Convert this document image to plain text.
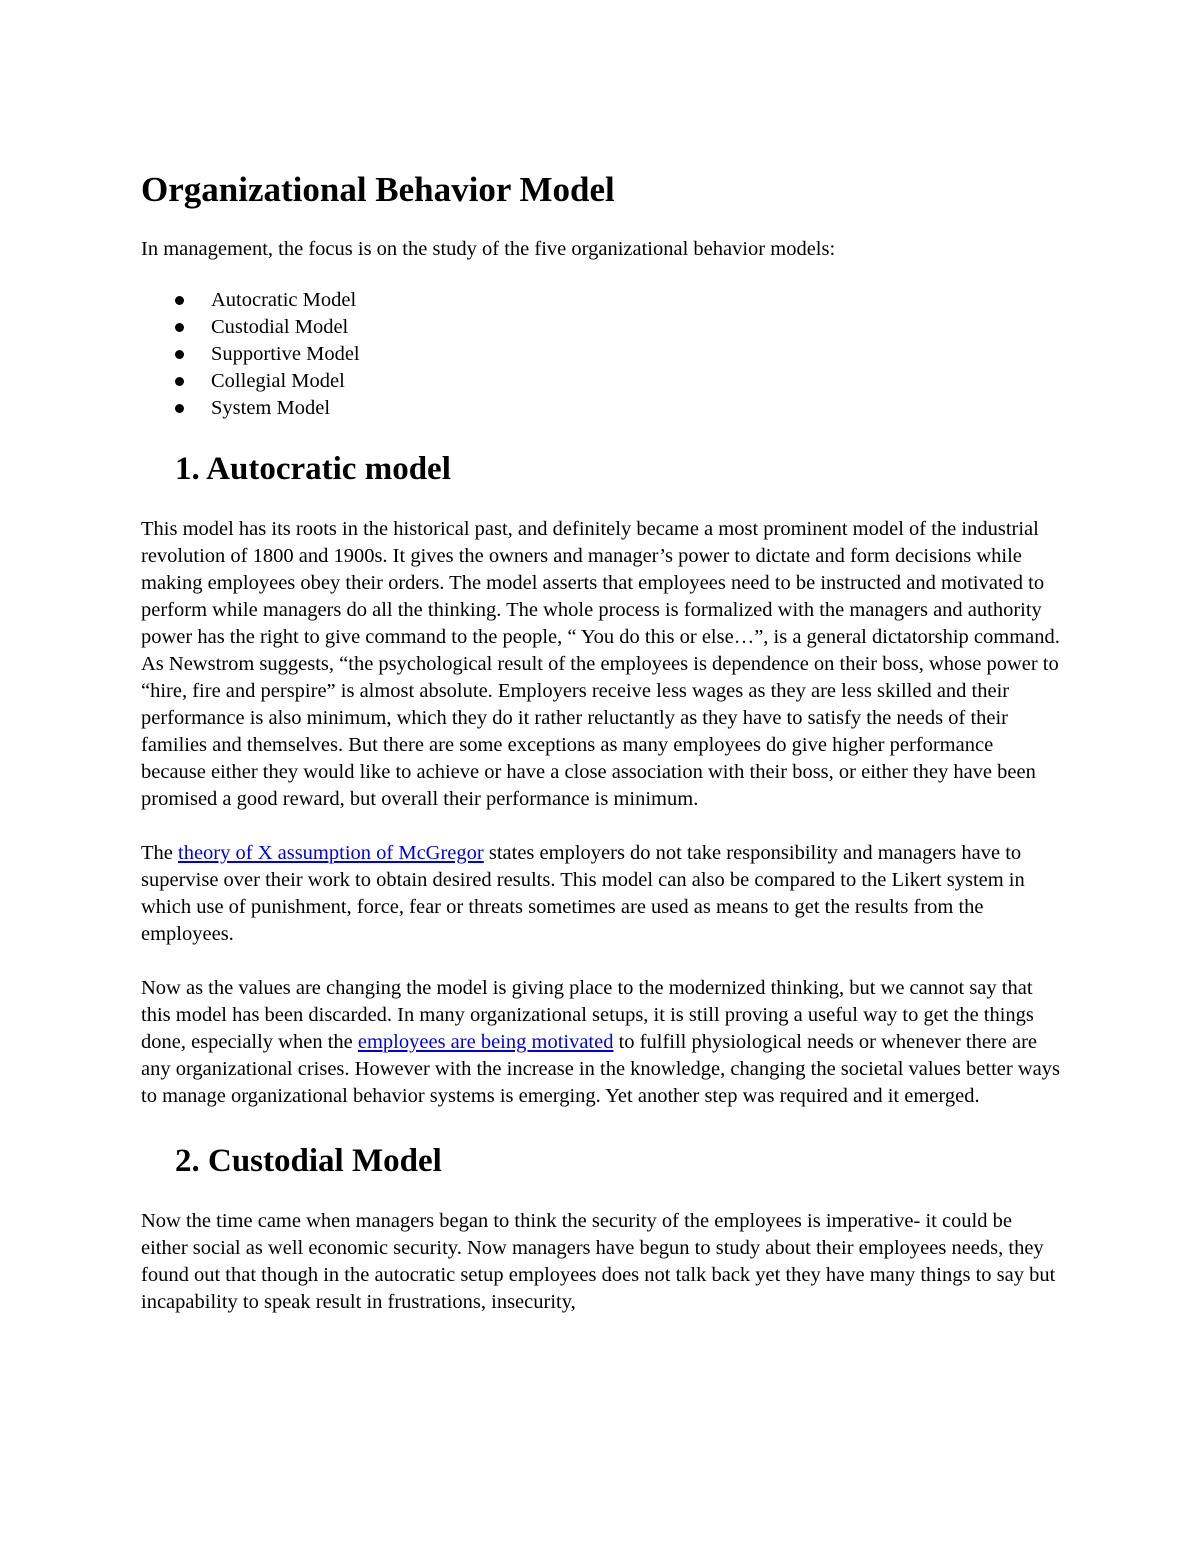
Organizational Behavior Model

In management, the focus is on the study of the five organizational behavior models:

Autocratic Model
Custodial Model
Supportive Model
Collegial Model
System Model
1. Autocratic model

This model has its roots in the historical past, and definitely became a most prominent model of the industrial revolution of 1800 and 1900s. It gives the owners and manager’s power to dictate and form decisions while making employees obey their orders. The model asserts that employees need to be instructed and motivated to perform while managers do all the thinking. The whole process is formalized with the managers and authority power has the right to give command to the people, “ You do this or else…”, is a general dictatorship command. As Newstrom suggests, “the psychological result of the employees is dependence on their boss, whose power to “hire, fire and perspire” is almost absolute. Employers receive less wages as they are less skilled and their performance is also minimum, which they do it rather reluctantly as they have to satisfy the needs of their families and themselves. But there are some exceptions as many employees do give higher performance because either they would like to achieve or have a close association with their boss, or either they have been promised a good reward, but overall their performance is minimum.

The theory of X assumption of McGregor states employers do not take responsibility and managers have to supervise over their work to obtain desired results. This model can also be compared to the Likert system in which use of punishment, force, fear or threats sometimes are used as means to get the results from the employees.

Now as the values are changing the model is giving place to the modernized thinking, but we cannot say that this model has been discarded. In many organizational setups, it is still proving a useful way to get the things done, especially when the employees are being motivated to fulfill physiological needs or whenever there are any organizational crises. However with the increase in the knowledge, changing the societal values better ways to manage organizational behavior systems is emerging. Yet another step was required and it emerged.

2. Custodial Model

Now the time came when managers began to think the security of the employees is imperative- it could be either social as well economic security. Now managers have begun to study about their employees needs, they found out that though in the autocratic setup employees does not talk back yet they have many things to say but incapability to speak result in frustrations, insecurity,
